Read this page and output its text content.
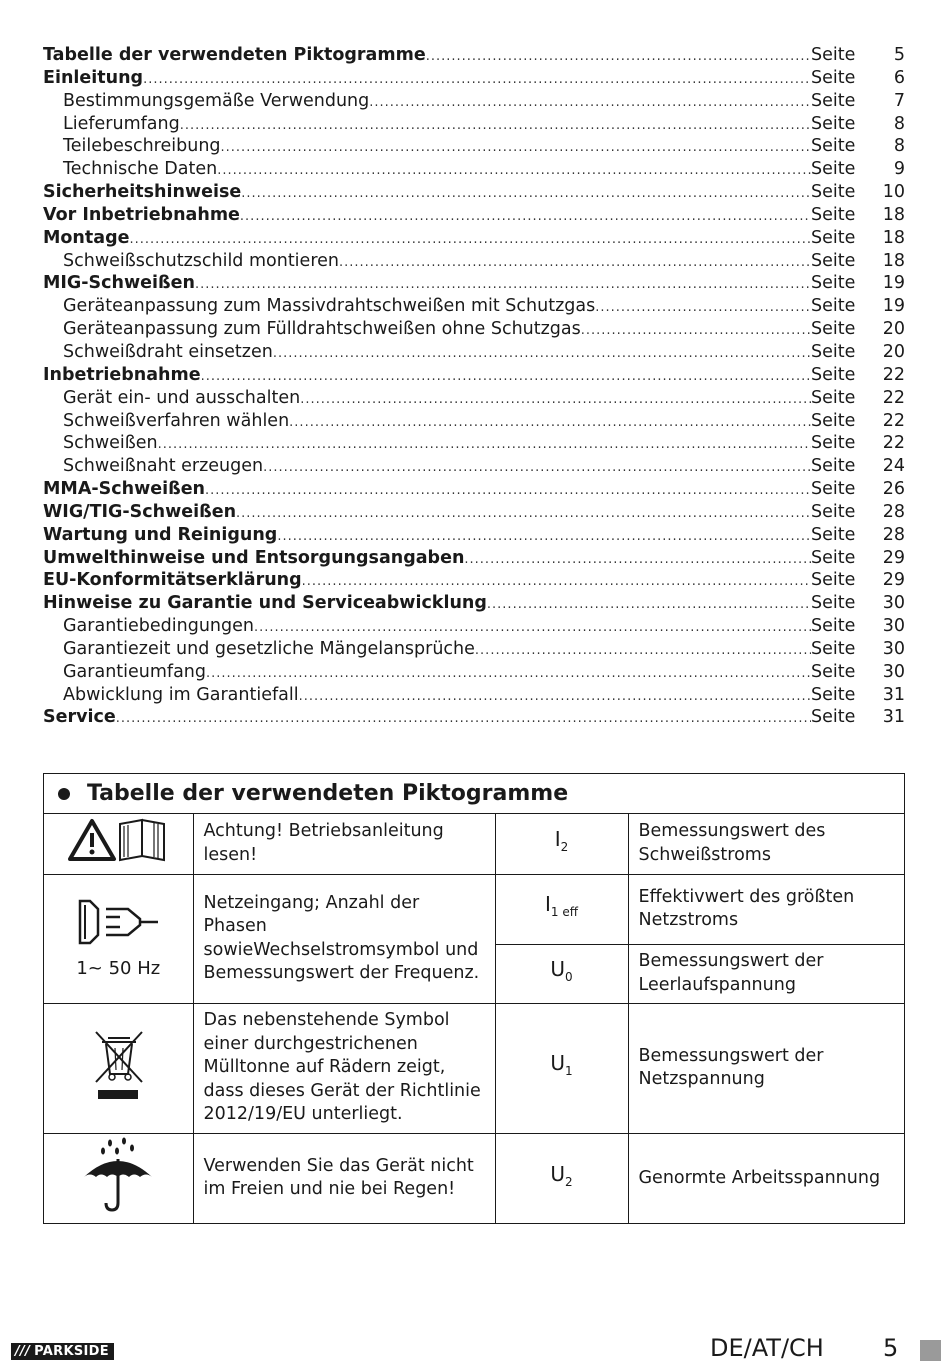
Tabelle der verwendeten Piktogramme .....	Seite	5
Einleitung .....	Seite	6
Bestimmungsgemäße Verwendung .....	Seite	7
Lieferumfang .....	Seite	8
Teilebeschreibung .....	Seite	8
Technische Daten .....	Seite	9
Sicherheitshinweise .....	Seite	10
Vor Inbetriebnahme .....	Seite	18
Montage .....	Seite	18
Schweißschutzschild montieren .....	Seite	18
MIG-Schweißen .....	Seite	19
Geräteanpassung zum Massivdrahtschweißen mit Schutzgas .....	Seite	19
Geräteanpassung zum Fülldrahtschweißen ohne Schutzgas .....	Seite	20
Schweißdraht einsetzen .....	Seite	20
Inbetriebnahme .....	Seite	22
Gerät ein- und ausschalten .....	Seite	22
Schweißverfahren wählen .....	Seite	22
Schweißen .....	Seite	22
Schweißnaht erzeugen .....	Seite	24
MMA-Schweißen .....	Seite	26
WIG/TIG-Schweißen .....	Seite	28
Wartung und Reinigung .....	Seite	28
Umwelthinweise und Entsorgungsangaben .....	Seite	29
EU-Konformitätserklärung .....	Seite	29
Hinweise zu Garantie und Serviceabwicklung .....	Seite	30
Garantiebedingungen .....	Seite	30
Garantiezeit und gesetzliche Mängelansprüche .....	Seite	30
Garantieumfang .....	Seite	30
Abwicklung im Garantiefall .....	Seite	31
Service .....	Seite	31
Tabelle der verwendeten Piktogramme
	Achtung! Betriebsanleitung lesen!	$I_2$	Bemessungswert des Schweißstroms

1~ 50 Hz	Netzeingang; Anzahl der Phasen sowieWechselstromsymbol und Bemessungswert der Frequenz.	$I_{1 eff}$	Effektivwert des größten Netzstroms
		$U_0$	Bemessungswert der Leerlaufspannung
	Das nebenstehende Symbol einer durchgestrichenen Mülltonne auf Rädern zeigt, dass dieses Gerät der Richtlinie 2012/19/EU unterliegt.	$U_1$	Bemessungswert der Netzspannung
	Verwenden Sie das Gerät nicht im Freien und nie bei Regen!	$U_2$	Genormte Arbeitsspannung
/// PARKSIDE	DE/AT/CH 5
